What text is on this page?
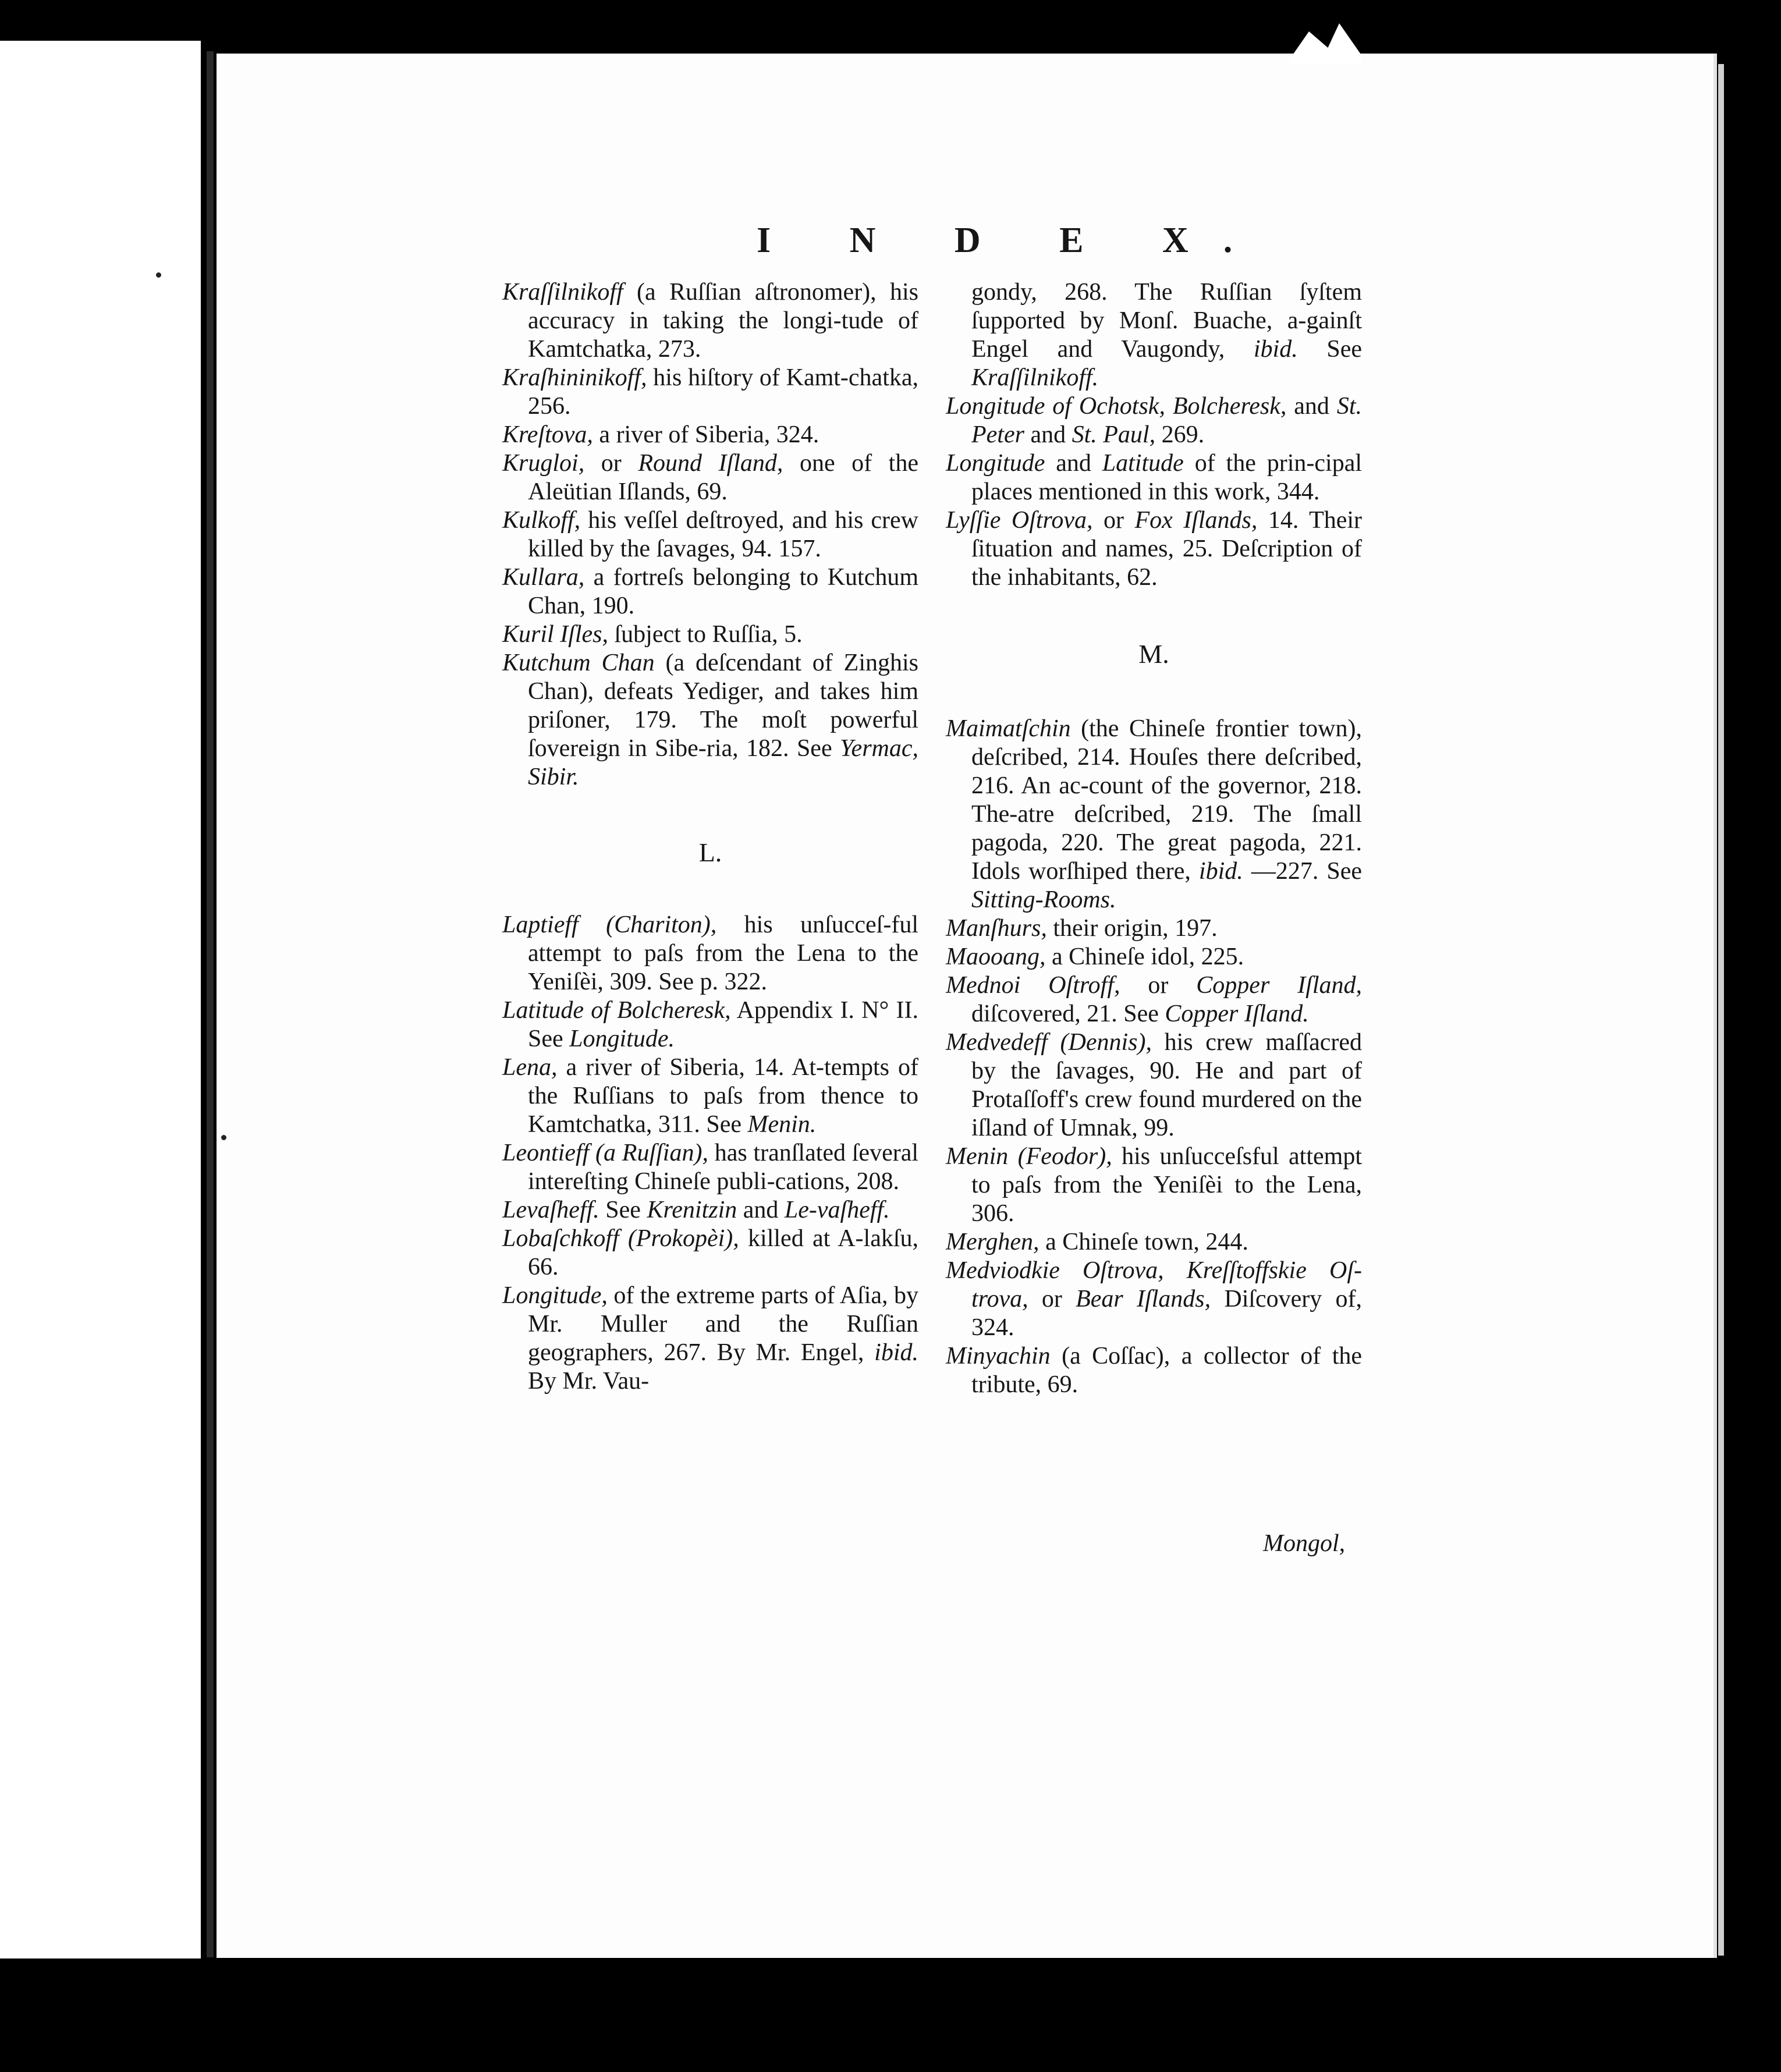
I N D E X.

Kraſſilnikoff (a Ruſſian aſtronomer), his accuracy in taking the longi-tude of Kamtchatka, 273.

Kraſhininikoff, his hiſtory of Kamt-chatka, 256.

Kreſtova, a river of Siberia, 324.

Krugloi, or Round Iſland, one of the Aleütian Iſlands, 69.

Kulkoff, his veſſel deſtroyed, and his crew killed by the ſavages, 94. 157.

Kullara, a fortreſs belonging to Kutchum Chan, 190.

Kuril Iſles, ſubject to Ruſſia, 5.

Kutchum Chan (a deſcendant of Zinghis Chan), defeats Yediger, and takes him priſoner, 179. The moſt powerful ſovereign in Sibe-ria, 182. See Yermac, Sibir.

L.

Laptieff (Chariton), his unſucceſ-ful attempt to paſs from the Lena to the Yeniſèi, 309. See p. 322.

Latitude of Bolcheresk, Appendix I. N° II. See Longitude.

Lena, a river of Siberia, 14. At-tempts of the Ruſſians to paſs from thence to Kamtchatka, 311. See Menin.

Leontieff (a Ruſſian), has tranſlated ſeveral intereſting Chineſe publi-cations, 208.

Levaſheff. See Krenitzin and Le-vaſheff.

Lobaſchkoff (Prokopèi), killed at A-lakſu, 66.

Longitude, of the extreme parts of Aſia, by Mr. Muller and the Ruſſian geographers, 267. By Mr. Engel, ibid. By Mr. Vau-

gondy, 268. The Ruſſian ſyſtem ſupported by Monſ. Buache, a-gainſt Engel and Vaugondy, ibid. See Kraſſilnikoff.

Longitude of Ochotsk, Bolcheresk, and St. Peter and St. Paul, 269.

Longitude and Latitude of the prin-cipal places mentioned in this work, 344.

Lyſſie Oſtrova, or Fox Iſlands, 14. Their ſituation and names, 25. Deſcription of the inhabitants, 62.

M.

Maimatſchin (the Chineſe frontier town), deſcribed, 214. Houſes there deſcribed, 216. An ac-count of the governor, 218. The-atre deſcribed, 219. The ſmall pagoda, 220. The great pagoda, 221. Idols worſhiped there, ibid. —227. See Sitting-Rooms.

Manſhurs, their origin, 197.

Maooang, a Chineſe idol, 225.

Mednoi Oſtroff, or Copper Iſland, diſcovered, 21. See Copper Iſland.

Medvedeff (Dennis), his crew maſſacred by the ſavages, 90. He and part of Protaſſoff's crew found murdered on the iſland of Umnak, 99.

Menin (Feodor), his unſucceſsful attempt to paſs from the Yeniſèi to the Lena, 306.

Merghen, a Chineſe town, 244.

Medviodkie Oſtrova, Kreſſtoffskie Oſ-trova, or Bear Iſlands, Diſcovery of, 324.

Minyachin (a Coſſac), a collector of the tribute, 69.

Mongol,
